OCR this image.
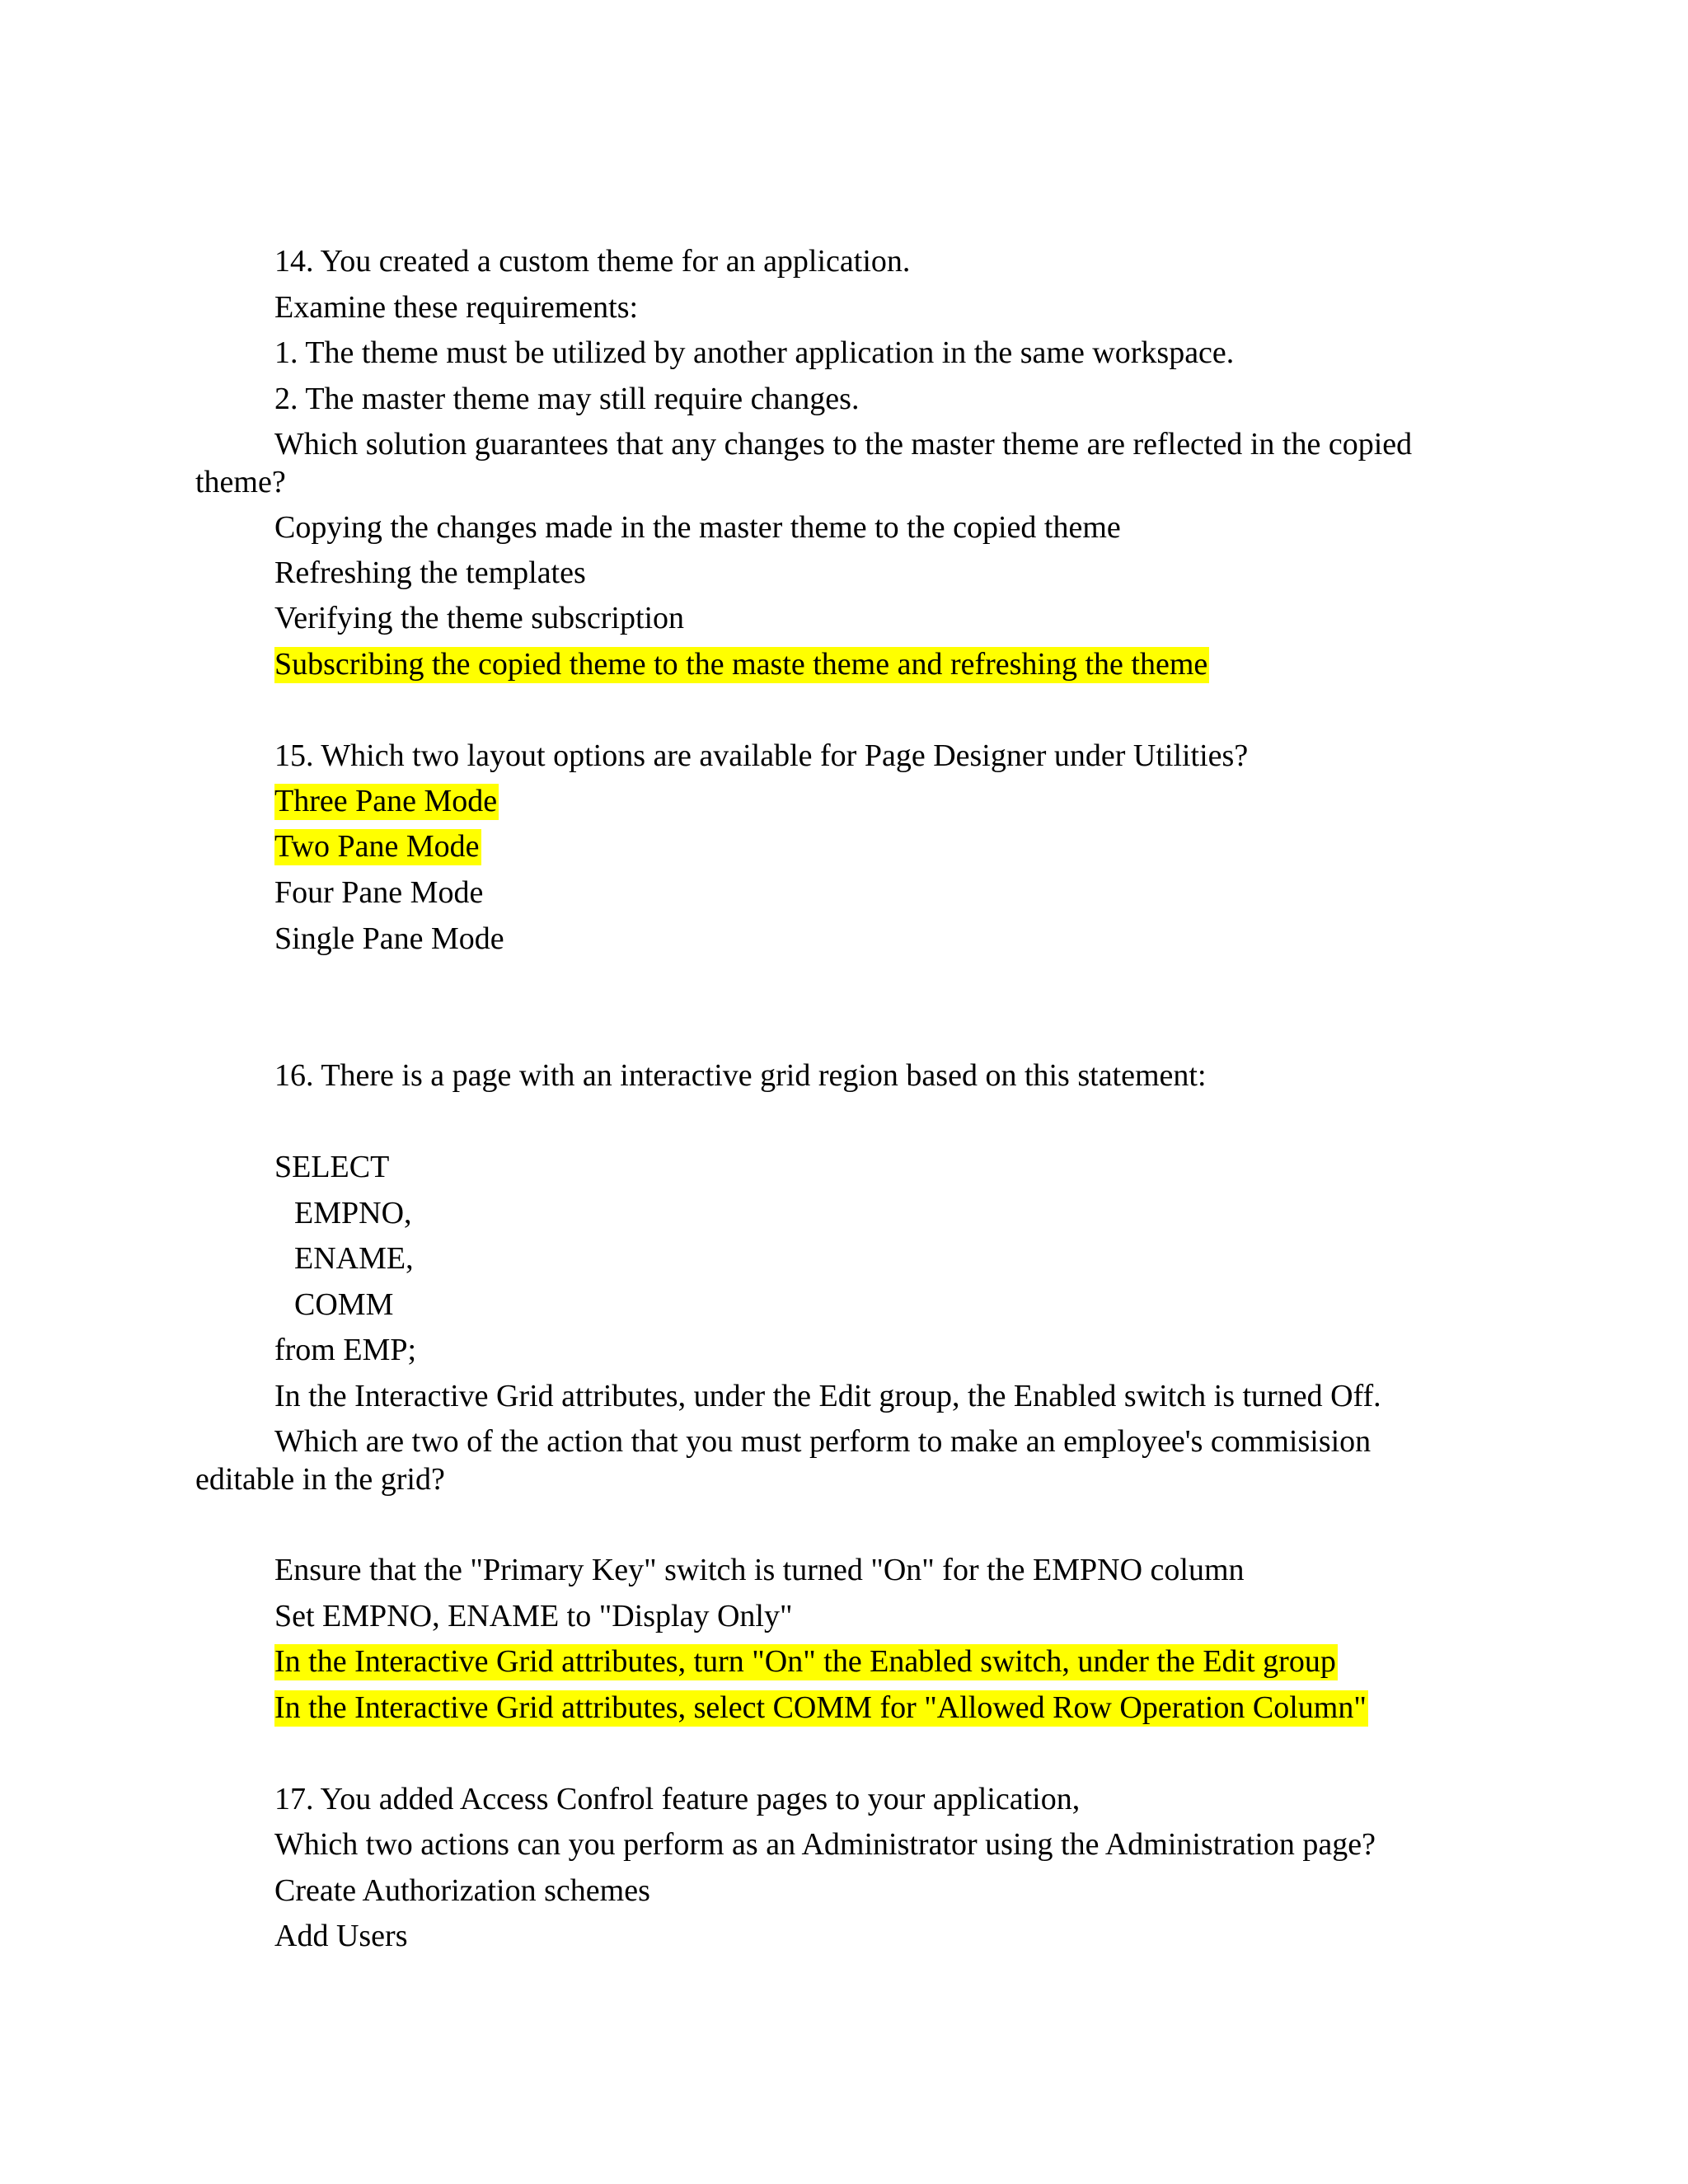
14. You created a custom theme for an application.
Examine these requirements:
1. The theme must be utilized by another application in the same workspace.
2. The master theme may still require changes.
Which solution guarantees that any changes to the master theme are reflected in the copied
theme?
Copying the changes made in the master theme to the copied theme
Refreshing the templates
Verifying the theme subscription
Subscribing the copied theme to the maste theme and refreshing the theme
15. Which two layout options are available for Page Designer under Utilities?
Three Pane Mode
Two Pane Mode
Four Pane Mode
Single Pane Mode
16. There is a page with an interactive grid region based on this statement:
SELECT
EMPNO,
ENAME,
COMM
from EMP;
In the Interactive Grid attributes, under the Edit group, the Enabled switch is turned Off.
Which are two of the action that you must perform to make an employee's commisision
editable in the grid?
Ensure that the "Primary Key" switch is turned "On" for the EMPNO column
Set EMPNO, ENAME to "Display Only"
In the Interactive Grid attributes, turn "On" the Enabled switch, under the Edit group
In the Interactive Grid attributes, select COMM for "Allowed Row Operation Column"
17. You added Access Confrol feature pages to your application,
Which two actions can you perform as an Administrator using the Administration page?
Create Authorization schemes
Add Users
